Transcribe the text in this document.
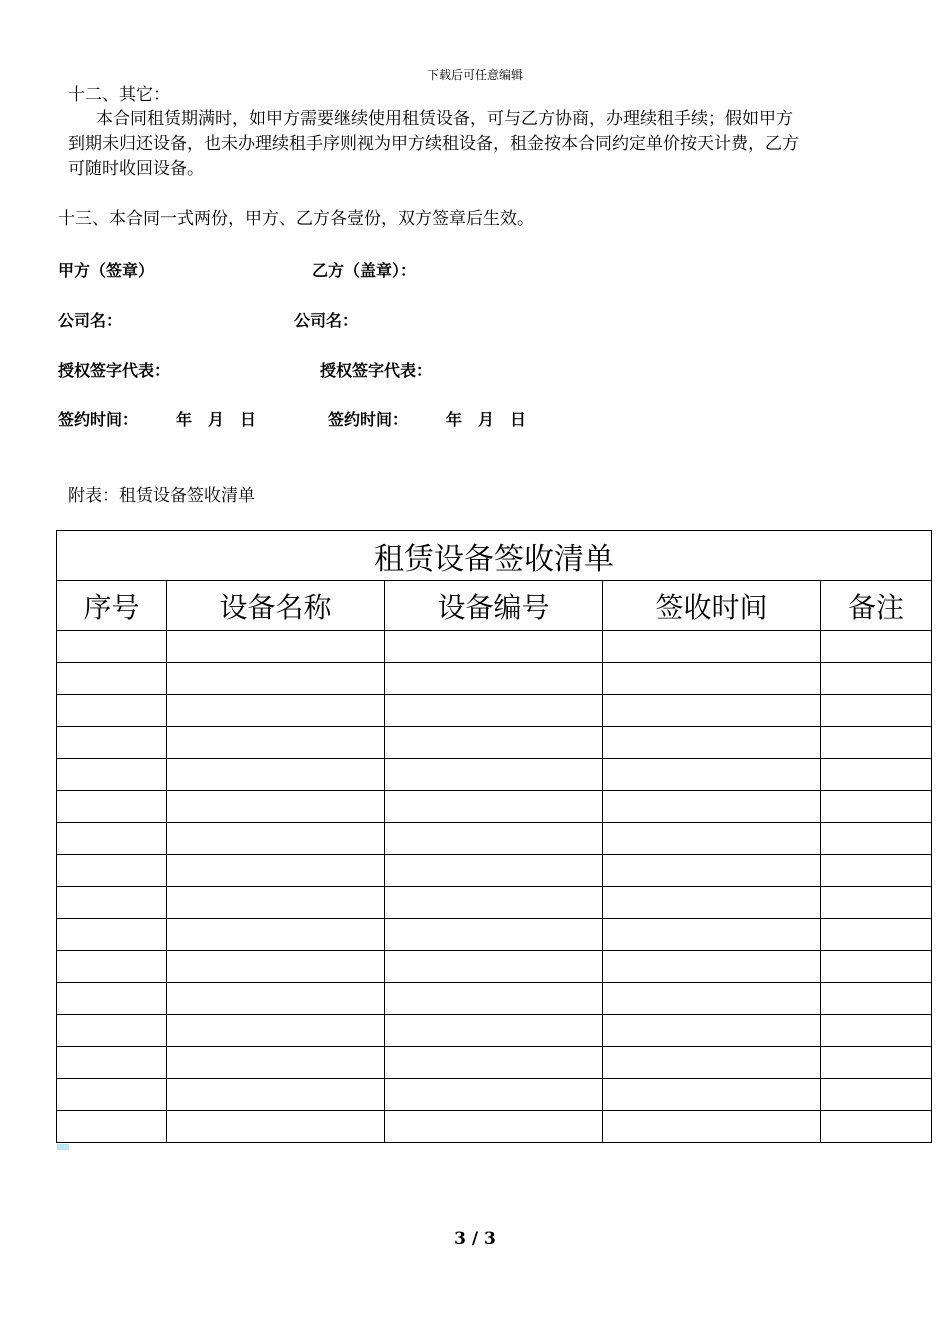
下载后可任意编辑
十二、其它：
本合同租赁期满时，如甲方需要继续使用租赁设备，可与乙方协商，办理续租手续；假如甲方
到期未归还设备，也未办理续租手序则视为甲方续租设备，租金按本合同约定单价按天计费，乙方
可随时收回设备。
十三、本合同一式两份，甲方、乙方各壹份，双方签章后生效。
甲方（签章）	乙方（盖章）：
公司名：	公司名：
授权签字代表：	授权签字代表：
签约时间： 年　月　日	签约时间： 年　月　日
附表：租赁设备签收清单
租赁设备签收清单				
序号	设备名称	设备编号	签收时间	备注

3 / 3
